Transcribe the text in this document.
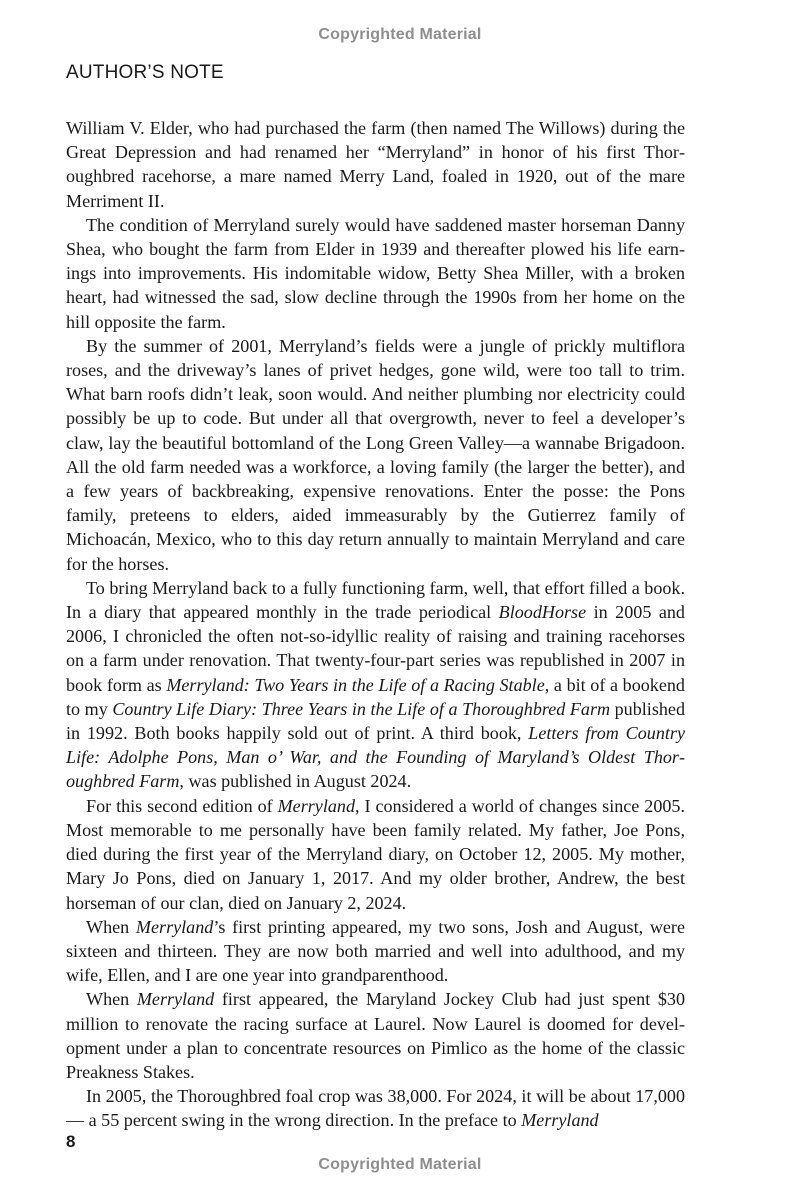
Copyrighted Material
AUTHOR’S NOTE

William V. Elder, who had purchased the farm (then named The Willows) during the Great Depression and had renamed her “Merryland” in honor of his first Thoroughbred racehorse, a mare named Merry Land, foaled in 1920, out of the mare Merriment II.

The condition of Merryland surely would have saddened master horseman Danny Shea, who bought the farm from Elder in 1939 and thereafter plowed his life earnings into improvements. His indomitable widow, Betty Shea Miller, with a broken heart, had witnessed the sad, slow decline through the 1990s from her home on the hill opposite the farm.

By the summer of 2001, Merryland’s fields were a jungle of prickly multiflora roses, and the driveway’s lanes of privet hedges, gone wild, were too tall to trim. What barn roofs didn’t leak, soon would. And neither plumbing nor electricity could possibly be up to code. But under all that overgrowth, never to feel a developer’s claw, lay the beautiful bottomland of the Long Green Valley—a wannabe Brigadoon. All the old farm needed was a workforce, a loving family (the larger the better), and a few years of backbreaking, expensive renovations. Enter the posse: the Pons family, preteens to elders, aided immeasurably by the Gutierrez family of Michoacán, Mexico, who to this day return annually to maintain Merryland and care for the horses.

To bring Merryland back to a fully functioning farm, well, that effort filled a book. In a diary that appeared monthly in the trade periodical BloodHorse in 2005 and 2006, I chronicled the often not-so-idyllic reality of raising and training racehorses on a farm under renovation. That twenty-four-part series was republished in 2007 in book form as Merryland: Two Years in the Life of a Racing Stable, a bit of a bookend to my Country Life Diary: Three Years in the Life of a Thoroughbred Farm published in 1992. Both books happily sold out of print. A third book, Letters from Country Life: Adolphe Pons, Man o’ War, and the Founding of Maryland’s Oldest Thoroughbred Farm, was published in August 2024.

For this second edition of Merryland, I considered a world of changes since 2005. Most memorable to me personally have been family related. My father, Joe Pons, died during the first year of the Merryland diary, on October 12, 2005. My mother, Mary Jo Pons, died on January 1, 2017. And my older brother, Andrew, the best horseman of our clan, died on January 2, 2024.

When Merryland’s first printing appeared, my two sons, Josh and August, were sixteen and thirteen. They are now both married and well into adulthood, and my wife, Ellen, and I are one year into grandparenthood.

When Merryland first appeared, the Maryland Jockey Club had just spent $30 million to renovate the racing surface at Laurel. Now Laurel is doomed for development under a plan to concentrate resources on Pimlico as the home of the classic Preakness Stakes.

In 2005, the Thoroughbred foal crop was 38,000. For 2024, it will be about 17,000 — a 55 percent swing in the wrong direction. In the preface to Merryland

8
Copyrighted Material
